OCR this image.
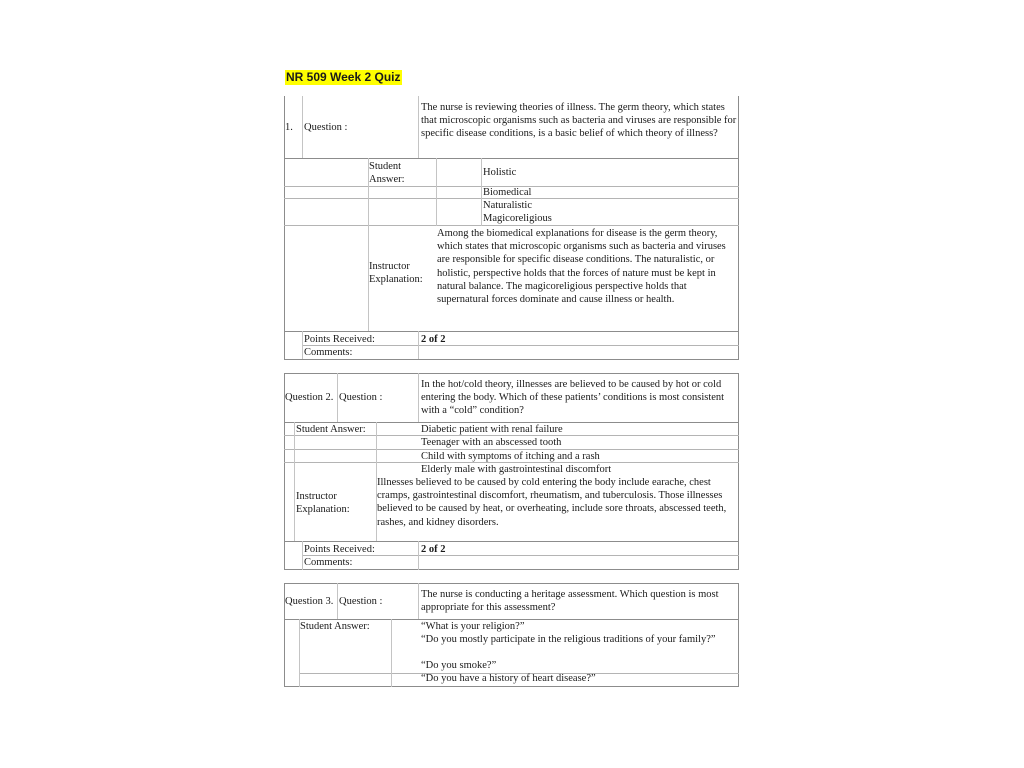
NR 509 Week 2 Quiz

1. Question :

The nurse is reviewing theories of illness. The germ theory, which states that microscopic organisms such as bacteria and viruses are responsible for specific disease conditions, is a basic belief of which theory of illness?

Student Answer:

Holistic

Biomedical

Naturalistic

Magicoreligious

Instructor Explanation:

Among the biomedical explanations for disease is the germ theory, which states that microscopic organisms such as bacteria and viruses are responsible for specific disease conditions. The naturalistic, or holistic, perspective holds that the forces of nature must be kept in natural balance. The magicoreligious perspective holds that supernatural forces dominate and cause illness or health.

Points Received:	2 of 2

Comments:

Question 2. Question :

In the hot/cold theory, illnesses are believed to be caused by hot or cold entering the body. Which of these patients’ conditions is most consistent with a “cold” condition?

Student Answer:	Diabetic patient with renal failure

Teenager with an abscessed tooth

Child with symptoms of itching and a rash

Elderly male with gastrointestinal discomfort

Instructor Explanation:

Illnesses believed to be caused by cold entering the body include earache, chest cramps, gastrointestinal discomfort, rheumatism, and tuberculosis. Those illnesses believed to be caused by heat, or overheating, include sore throats, abscessed teeth, rashes, and kidney disorders.

Points Received:	2 of 2

Comments:

Question 3. Question :

The nurse is conducting a heritage assessment. Which question is most appropriate for this assessment?

Student Answer:	“What is your religion?”

“Do you mostly participate in the religious traditions of your family?”

“Do you smoke?”

“Do you have a history of heart disease?”
